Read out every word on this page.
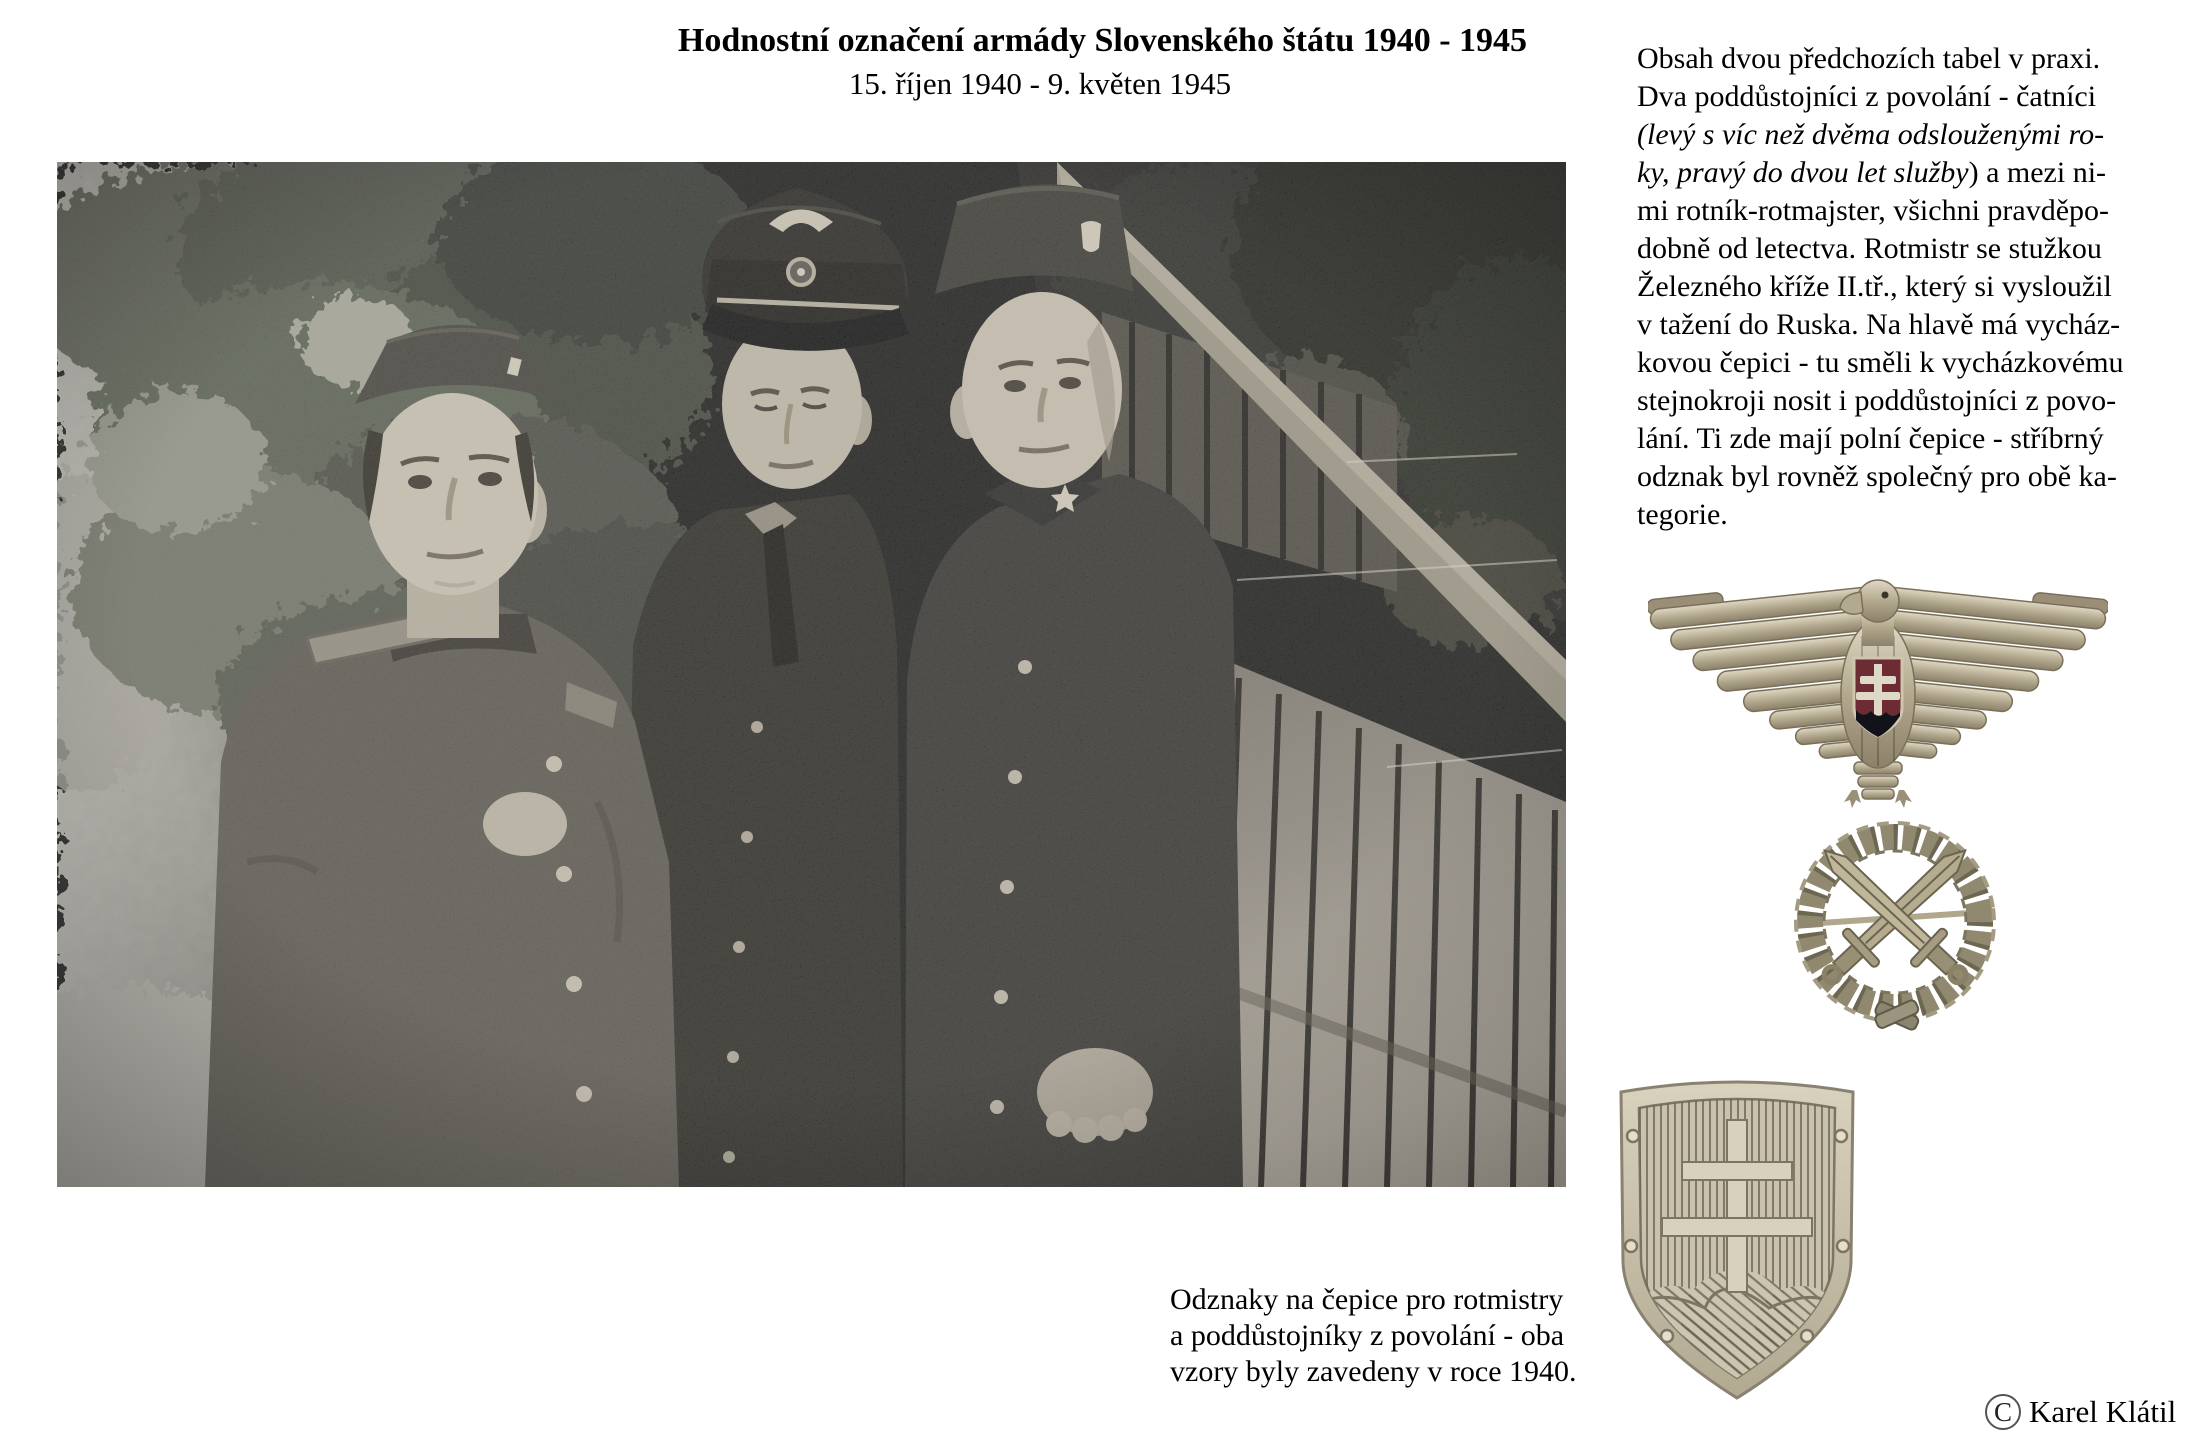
Hodnostní označení armády Slovenského štátu 1940 - 1945
15. říjen 1940 - 9. květen 1945
Obsah dvou předchozích tabel v praxi.
Dva poddůstojníci z povolání - čatníci
(levý s víc než dvěma odslouženými ro-
ky, pravý do dvou let služby) a mezi ni-
mi rotník-rotmajster, všichni pravděpo-
dobně od letectva. Rotmistr se stužkou
Železného kříže II.tř., který si vysloužil
v tažení do Ruska. Na hlavě má vycház-
kovou čepici - tu směli k vycházkovému
stejnokroji nosit i poddůstojníci z povo-
lání. Ti zde mají polní čepice - stříbrný
odznak byl rovněž společný pro obě ka-
tegorie.
Odznaky na čepice pro rotmistry
a poddůstojníky z povolání - oba
vzory byly zavedeny v roce 1940.
C Karel Klátil
